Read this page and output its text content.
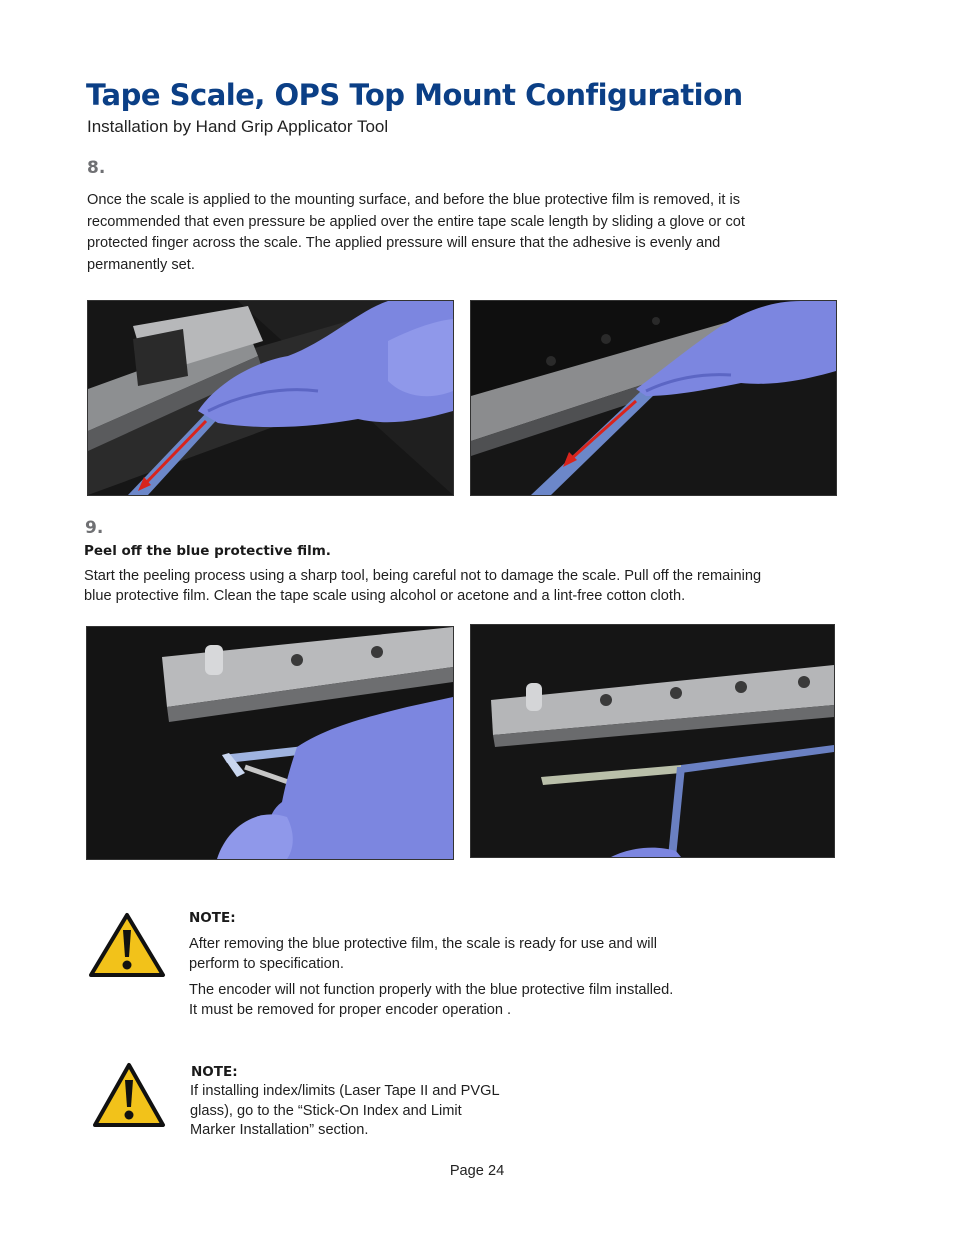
Tape Scale, OPS Top Mount Configuration
Installation by Hand Grip Applicator Tool
8.
Once the scale is applied to the mounting surface, and before the blue protective film is removed, it is
recommended that even pressure be applied over the entire tape scale length by sliding a glove or cot
protected finger across the scale. The applied pressure will ensure that the adhesive is evenly and
permanently set.
9.
Peel off the blue protective film.
Start the peeling process using a sharp tool, being careful not to damage the scale. Pull off the remaining
blue protective film. Clean the tape scale using alcohol or acetone and a lint-free cotton cloth.
NOTE:
After removing the blue protective film, the scale is ready for use and will
perform to specification.
The encoder will not function properly with the blue protective film installed.
It must be removed for proper encoder operation .
NOTE:
If installing index/limits (Laser Tape II and PVGL
glass), go to the “Stick-On Index and Limit
Marker Installation” section.
Page 24
